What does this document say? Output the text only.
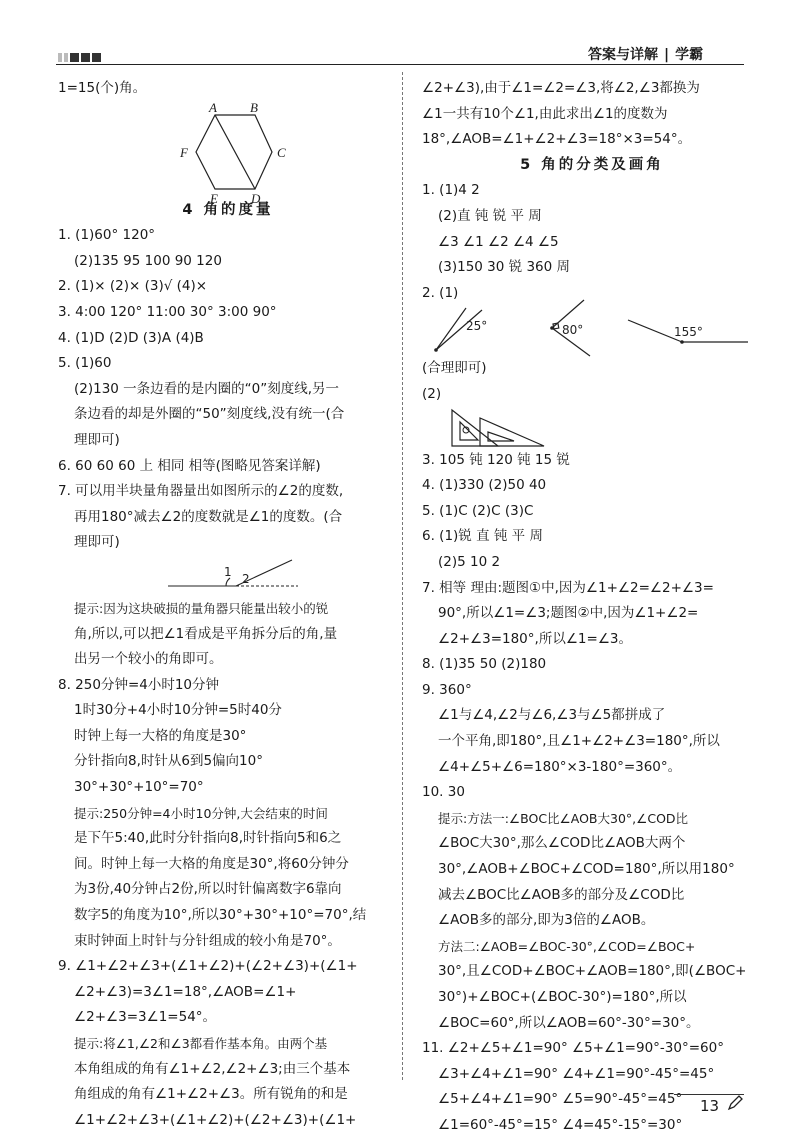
答案与详解 | 学霸
1=15(个)角。
A	B
C
D
E
F
4 角的度量
1. (1)60° 120°
(2)135 95 100 90 120
2. (1)× (2)× (3)√ (4)×
3. 4:00 120° 11:00 30° 3:00 90°
4. (1)D (2)D (3)A (4)B
5. (1)60
(2)130 一条边看的是内圈的“0”刻度线,另一
条边看的却是外圈的“50”刻度线,没有统一(合
理即可)
6. 60 60 60 上 相同 相等(图略见答案详解)
7. 可以用半块量角器量出如图所示的∠2的度数,
再用180°减去∠2的度数就是∠1的度数。(合
理即可)
1 2
提示:因为这块破损的量角器只能量出较小的锐
角,所以,可以把∠1看成是平角拆分后的角,量
出另一个较小的角即可。
8. 250分钟=4小时10分钟
1时30分+4小时10分钟=5时40分
时钟上每一大格的角度是30°
分针指向8,时针从6到5偏向10°
30°+30°+10°=70°
提示:250分钟=4小时10分钟,大会结束的时间
是下午5:40,此时分针指向8,时针指向5和6之
间。时钟上每一大格的角度是30°,将60分钟分
为3份,40分钟占2份,所以时针偏离数字6靠向
数字5的角度为10°,所以30°+30°+10°=70°,结
束时钟面上时针与分针组成的较小角是70°。
9. ∠1+∠2+∠3+(∠1+∠2)+(∠2+∠3)+(∠1+
∠2+∠3)=3∠1=18°,∠AOB=∠1+
∠2+∠3=3∠1=54°。
提示:将∠1,∠2和∠3都看作基本角。由两个基
本角组成的角有∠1+∠2,∠2+∠3;由三个基本
角组成的角有∠1+∠2+∠3。所有锐角的和是
∠1+∠2+∠3+(∠1+∠2)+(∠2+∠3)+(∠1+
∠2+∠3),由于∠1=∠2=∠3,将∠2,∠3都换为
∠1一共有10个∠1,由此求出∠1的度数为
18°,∠AOB=∠1+∠2+∠3=18°×3=54°。
5 角的分类及画角
1. (1)4 2
(2)直 钝 锐 平 周
∠3 ∠1 ∠2 ∠4 ∠5
(3)150 30 锐 360 周
2. (1)
25°	80°	155°
(合理即可)
(2)
3. 105 钝 120 钝 15 锐
4. (1)330 (2)50 40
5. (1)C (2)C (3)C
6. (1)锐 直 钝 平 周
(2)5 10 2
7. 相等 理由:题图①中,因为∠1+∠2=∠2+∠3=
90°,所以∠1=∠3;题图②中,因为∠1+∠2=
∠2+∠3=180°,所以∠1=∠3。
8. (1)35 50 (2)180
9. 360°
∠1与∠4,∠2与∠6,∠3与∠5都拼成了
一个平角,即180°,且∠1+∠2+∠3=180°,所以
∠4+∠5+∠6=180°×3-180°=360°。
10. 30
提示:方法一:∠BOC比∠AOB大30°,∠COD比
∠BOC大30°,那么∠COD比∠AOB大两个
30°,∠AOB+∠BOC+∠COD=180°,所以用180°
减去∠BOC比∠AOB多的部分及∠COD比
∠AOB多的部分,即为3倍的∠AOB。
方法二:∠AOB=∠BOC-30°,∠COD=∠BOC+
30°,且∠COD+∠BOC+∠AOB=180°,即(∠BOC+
30°)+∠BOC+(∠BOC-30°)=180°,所以
∠BOC=60°,所以∠AOB=60°-30°=30°。
11. ∠2+∠5+∠1=90° ∠5+∠1=90°-30°=60°
∠3+∠4+∠1=90° ∠4+∠1=90°-45°=45°
∠5+∠4+∠1=90° ∠5=90°-45°=45°
∠1=60°-45°=15° ∠4=45°-15°=30°
13
